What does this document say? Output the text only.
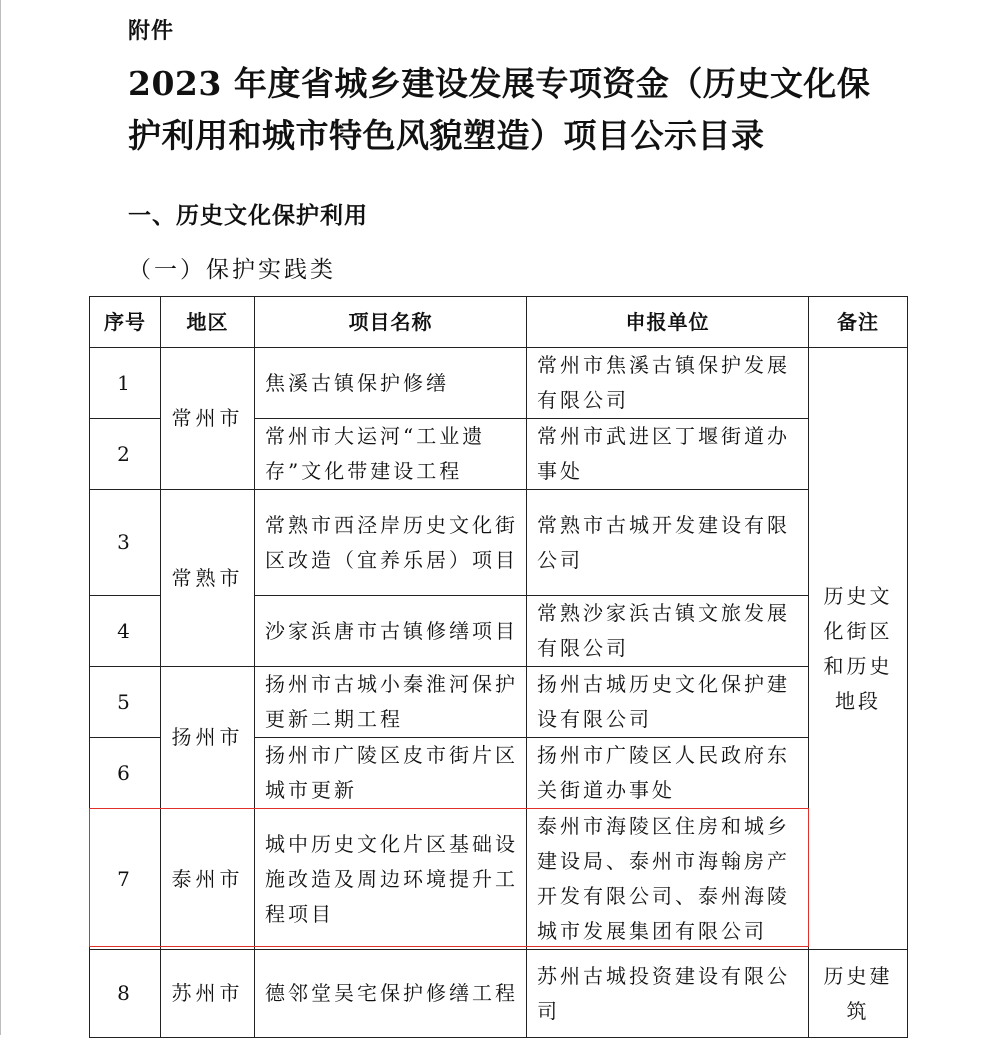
附件
2023 年度省城乡建设发展专项资金（历史文化保护利用和城市特色风貌塑造）项目公示目录
一、历史文化保护利用
（一）保护实践类
序号	地区	项目名称	申报单位	备注
1	常州市	焦溪古镇保护修缮	常州市焦溪古镇保护发展有限公司	历史文化街区和历史地段
2		常州市大运河“工业遗存”文化带建设工程	常州市武进区丁堰街道办事处	
3	常熟市	常熟市西泾岸历史文化街区改造（宜养乐居）项目	常熟市古城开发建设有限公司	
4		沙家浜唐市古镇修缮项目	常熟沙家浜古镇文旅发展有限公司	
5	扬州市	扬州市古城小秦淮河保护更新二期工程	扬州古城历史文化保护建设有限公司	
6		扬州市广陵区皮市街片区城市更新	扬州市广陵区人民政府东关街道办事处	
7	泰州市	城中历史文化片区基础设施改造及周边环境提升工程项目	泰州市海陵区住房和城乡建设局、泰州市海翰房产开发有限公司、泰州海陵城市发展集团有限公司	
8	苏州市	德邻堂吴宅保护修缮工程	苏州古城投资建设有限公司	历史建筑
